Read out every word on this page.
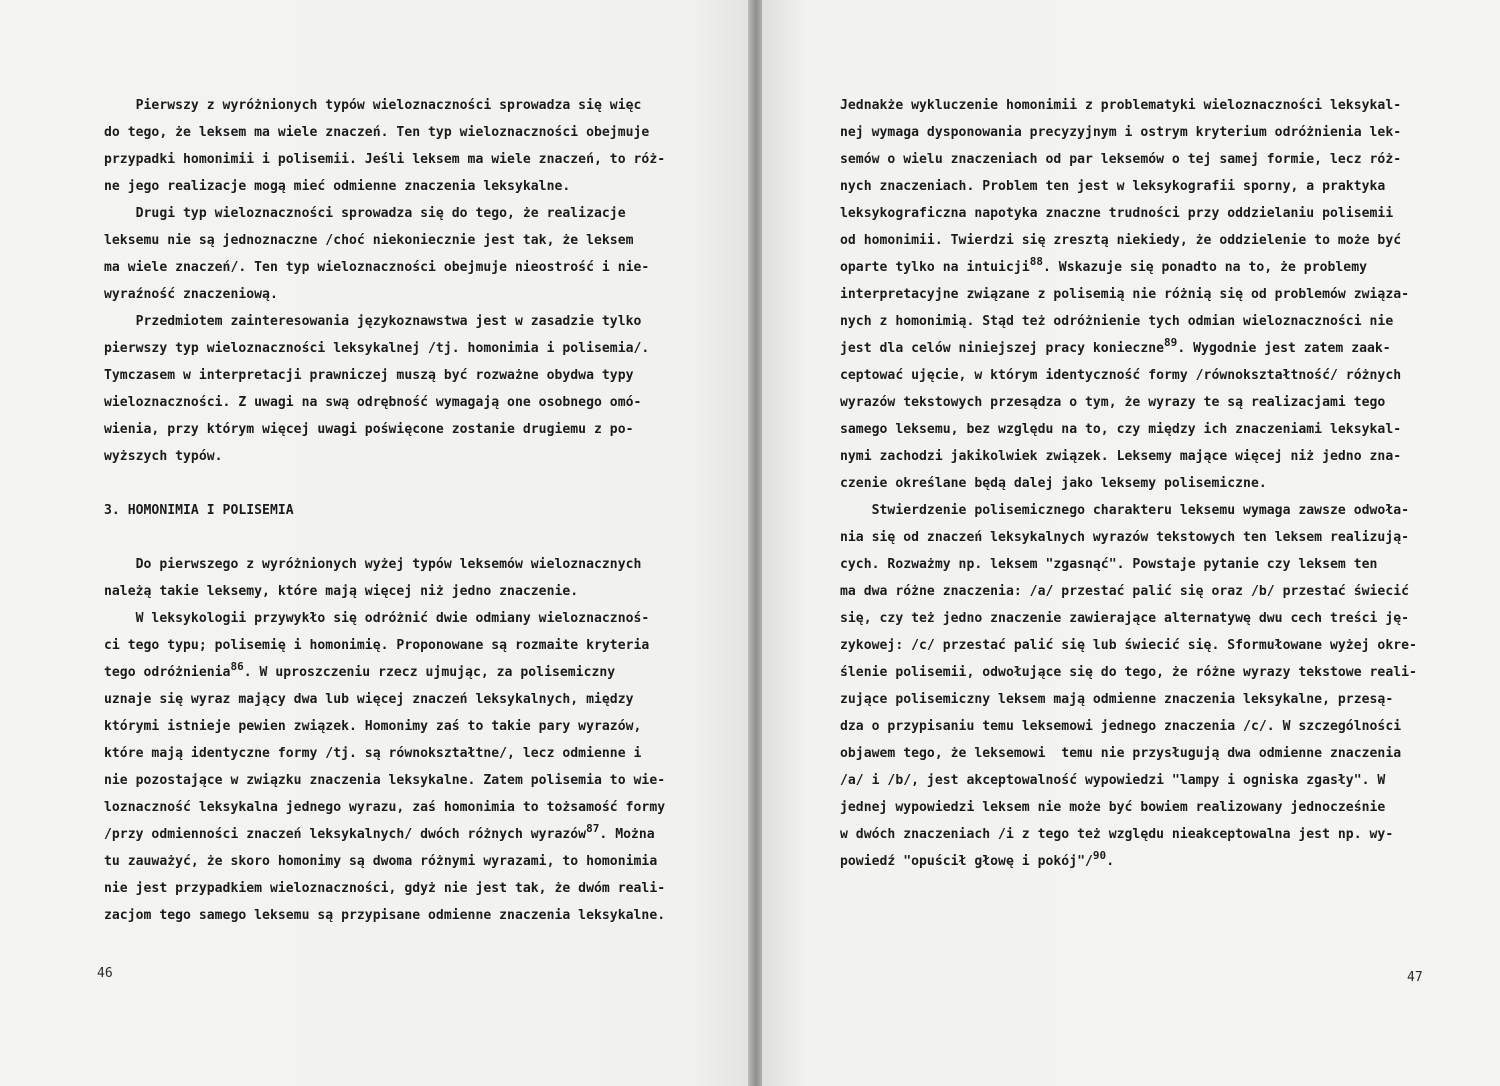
Pierwszy z wyróżnionych typów wieloznaczności sprowadza się więc
do tego, że leksem ma wiele znaczeń. Ten typ wieloznaczności obejmuje
przypadki homonimii i polisemii. Jeśli leksem ma wiele znaczeń, to róż-
ne jego realizacje mogą mieć odmienne znaczenia leksykalne.
Drugi typ wieloznaczności sprowadza się do tego, że realizacje
leksemu nie są jednoznaczne /choć niekoniecznie jest tak, że leksem
ma wiele znaczeń/. Ten typ wieloznaczności obejmuje nieostrość i nie-
wyraźność znaczeniową.
Przedmiotem zainteresowania językoznawstwa jest w zasadzie tylko
pierwszy typ wieloznaczności leksykalnej /tj. homonimia i polisemia/.
Tymczasem w interpretacji prawniczej muszą być rozważne obydwa typy
wieloznaczności. Z uwagi na swą odrębność wymagają one osobnego omó-
wienia, przy którym więcej uwagi poświęcone zostanie drugiemu z po-
wyższych typów.
3. HOMONIMIA I POLISEMIA
Do pierwszego z wyróżnionych wyżej typów leksemów wieloznacznych
należą takie leksemy, które mają więcej niż jedno znaczenie.
W leksykologii przywykło się odróżnić dwie odmiany wieloznacznoś-
ci tego typu; polisemię i homonimię. Proponowane są rozmaite kryteria
tego odróżnienia$^{86}$. W uproszczeniu rzecz ujmując, za polisemiczny
uznaje się wyraz mający dwa lub więcej znaczeń leksykalnych, między
którymi istnieje pewien związek. Homonimy zaś to takie pary wyrazów,
które mają identyczne formy /tj. są równokształtne/, lecz odmienne i
nie pozostające w związku znaczenia leksykalne. Zatem polisemia to wie-
loznaczność leksykalna jednego wyrazu, zaś homonimia to tożsamość formy
/przy odmienności znaczeń leksykalnych/ dwóch różnych wyrazów$^{87}$. Można
tu zauważyć, że skoro homonimy są dwoma różnymi wyrazami, to homonimia
nie jest przypadkiem wieloznaczności, gdyż nie jest tak, że dwóm reali-
zacjom tego samego leksemu są przypisane odmienne znaczenia leksykalne.
46
Jednakże wykluczenie homonimii z problematyki wieloznaczności leksykal-
nej wymaga dysponowania precyzyjnym i ostrym kryterium odróżnienia lek-
semów o wielu znaczeniach od par leksemów o tej samej formie, lecz róż-
nych znaczeniach. Problem ten jest w leksykografii sporny, a praktyka
leksykograficzna napotyka znaczne trudności przy oddzielaniu polisemii
od homonimii. Twierdzi się zresztą niekiedy, że oddzielenie to może być
oparte tylko na intuicji$^{88}$. Wskazuje się ponadto na to, że problemy
interpretacyjne związane z polisemią nie różnią się od problemów związa-
nych z homonimią. Stąd też odróżnienie tych odmian wieloznaczności nie
jest dla celów niniejszej pracy konieczne$^{89}$. Wygodnie jest zatem zaak-
ceptować ujęcie, w którym identyczność formy /równokształtność/ różnych
wyrazów tekstowych przesądza o tym, że wyrazy te są realizacjami tego
samego leksemu, bez względu na to, czy między ich znaczeniami leksykal-
nymi zachodzi jakikolwiek związek. Leksemy mające więcej niż jedno zna-
czenie określane będą dalej jako leksemy polisemiczne.
Stwierdzenie polisemicznego charakteru leksemu wymaga zawsze odwoła-
nia się od znaczeń leksykalnych wyrazów tekstowych ten leksem realizują-
cych. Rozważmy np. leksem "zgasnąć". Powstaje pytanie czy leksem ten
ma dwa różne znaczenia: /a/ przestać palić się oraz /b/ przestać świecić
się, czy też jedno znaczenie zawierające alternatywę dwu cech treści ję-
zykowej: /c/ przestać palić się lub świecić się. Sformułowane wyżej okre-
ślenie polisemii, odwołujące się do tego, że różne wyrazy tekstowe reali-
zujące polisemiczny leksem mają odmienne znaczenia leksykalne, przesą-
dza o przypisaniu temu leksemowi jednego znaczenia /c/. W szczególności
objawem tego, że leksemowi  temu nie przysługują dwa odmienne znaczenia
/a/ i /b/, jest akceptowalność wypowiedzi "lampy i ogniska zgasły". W
jednej wypowiedzi leksem nie może być bowiem realizowany jednocześnie
w dwóch znaczeniach /i z tego też względu nieakceptowalna jest np. wy-
powiedź "opuścił głowę i pokój"/$^{90}$.
47
